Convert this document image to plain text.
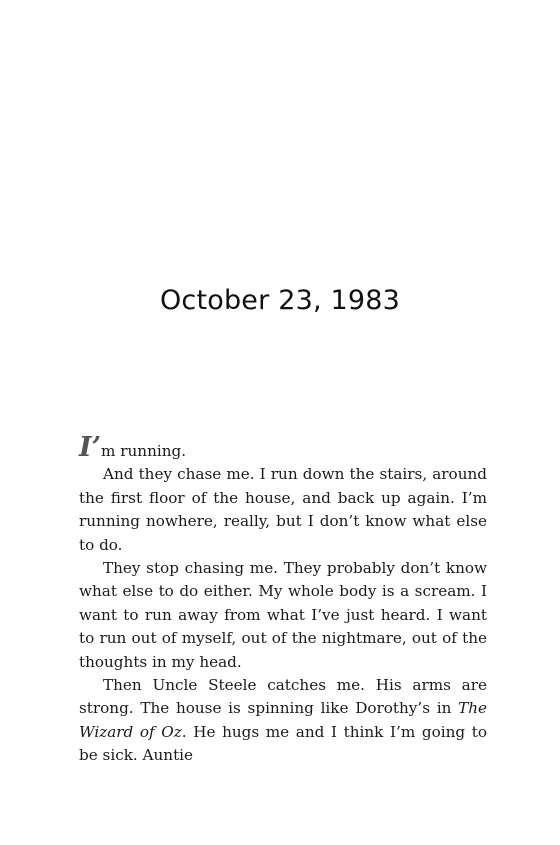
October 23, 1983

I’m running.

And they chase me. I run down the stairs, around the first floor of the house, and back up again. I’m running nowhere, really, but I don’t know what else to do.

They stop chasing me. They probably don’t know what else to do either. My whole body is a scream. I want to run away from what I’ve just heard. I want to run out of myself, out of the nightmare, out of the thoughts in my head.

Then Uncle Steele catches me. His arms are strong. The house is spinning like Dorothy’s in The Wizard of Oz. He hugs me and I think I’m going to be sick. Auntie
